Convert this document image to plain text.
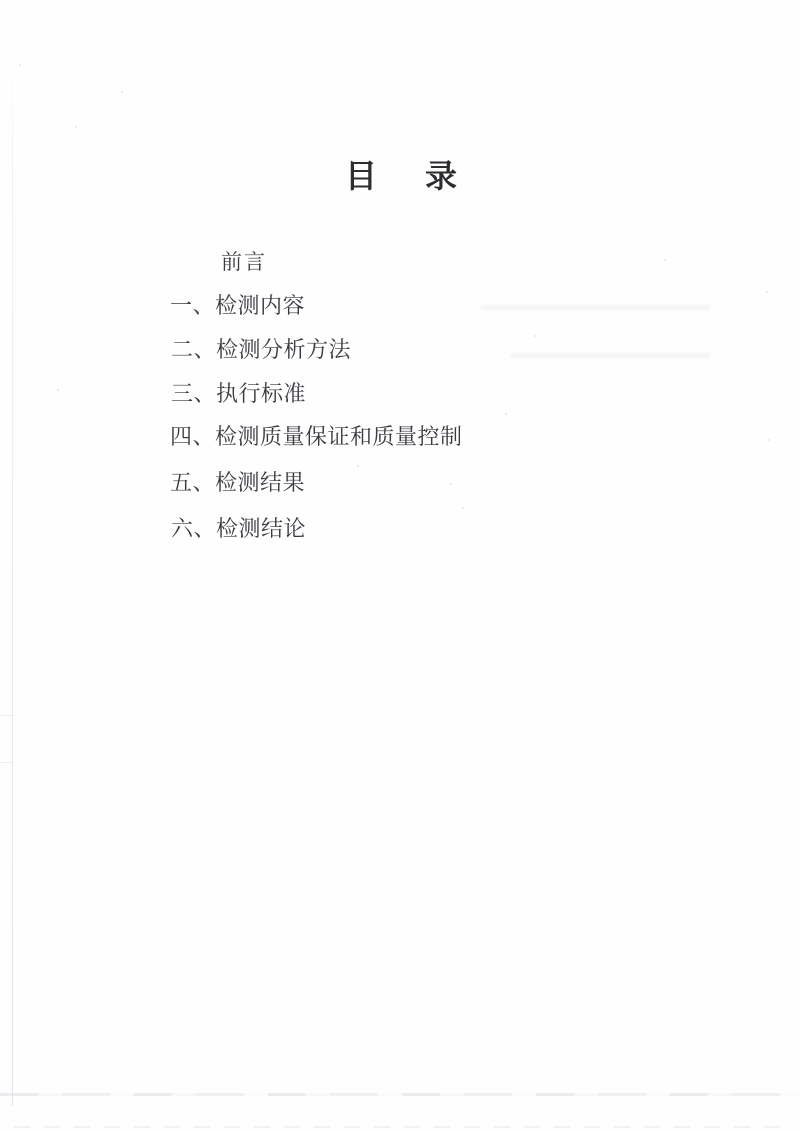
目　录
前言
一、检测内容
二、检测分析方法
三、执行标准
四、检测质量保证和质量控制
五、检测结果
六、检测结论
